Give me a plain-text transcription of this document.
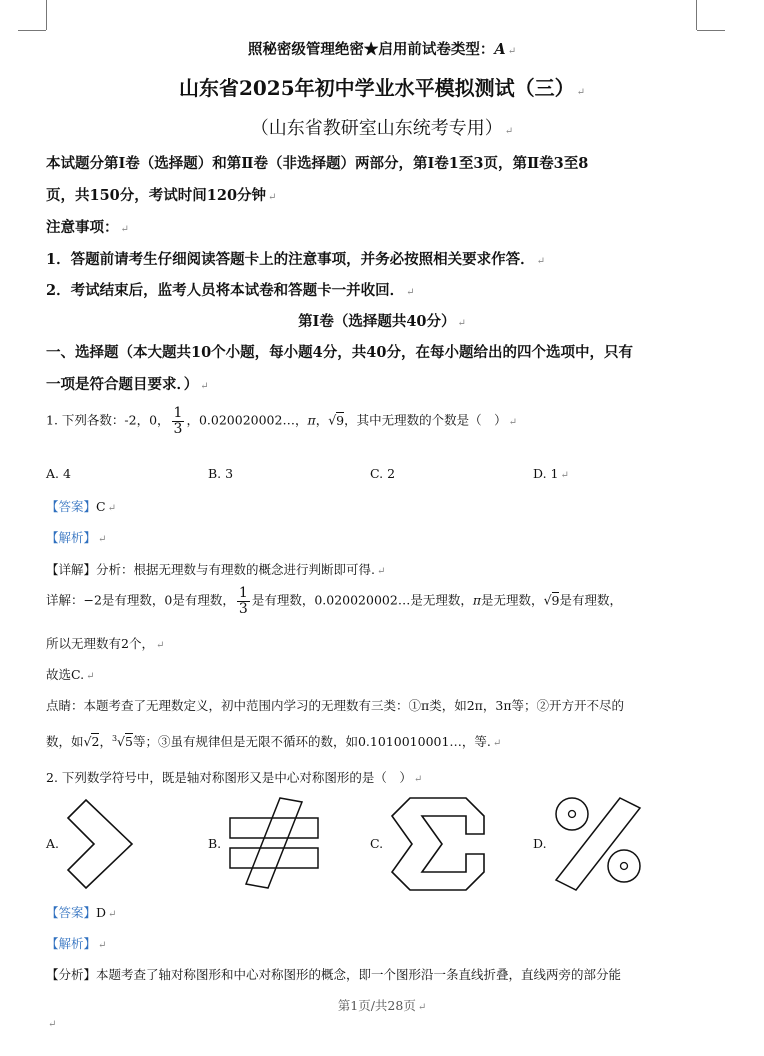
照秘密级管理绝密★启用前试卷类型：A ↵
山东省2025年初中学业水平模拟测试（三） ↵
（山东省教研室山东统考专用） ↵
本试题分第Ⅰ卷（选择题）和第Ⅱ卷（非选择题）两部分，第Ⅰ卷1至3页，第Ⅱ卷3至8
页，共150分，考试时间120分钟 ↵
注意事项： ↵
1．答题前请考生仔细阅读答题卡上的注意事项，并务必按照相关要求作答． ↵
2．考试结束后，监考人员将本试卷和答题卡一并收回． ↵
第Ⅰ卷（选择题共40分） ↵
一、选择题（本大题共10个小题，每小题4分，共40分，在每小题给出的四个选项中，只有
一项是符合题目要求．） ↵
1. 下列各数：-2，0， $\frac{1}{3}$ ，0.020020002…，π，√9，其中无理数的个数是（　） ↵
A. 4	B. 3	C. 2	D. 1 ↵
【答案】C ↵
【解析】 ↵
【详解】分析：根据无理数与有理数的概念进行判断即可得. ↵
详解：−2是有理数，0是有理数， $\frac{1}{3}$ 是有理数，0.020020002…是无理数，π是无理数，√9是有理数，
所以无理数有2个， ↵
故选C. ↵
点睛：本题考查了无理数定义，初中范围内学习的无理数有三类：①π类，如2π，3π等；②开方开不尽的
数，如√2，$^3$√5等；③虽有规律但是无限不循环的数，如0.1010010001…，等. ↵
2. 下列数学符号中，既是轴对称图形又是中心对称图形的是（　） ↵
A.	B.	C.	D.
【答案】D ↵
【解析】 ↵
【分析】本题考查了轴对称图形和中心对称图形的概念，即一个图形沿一条直线折叠，直线两旁的部分能
第1页/共28页 ↵
↵
